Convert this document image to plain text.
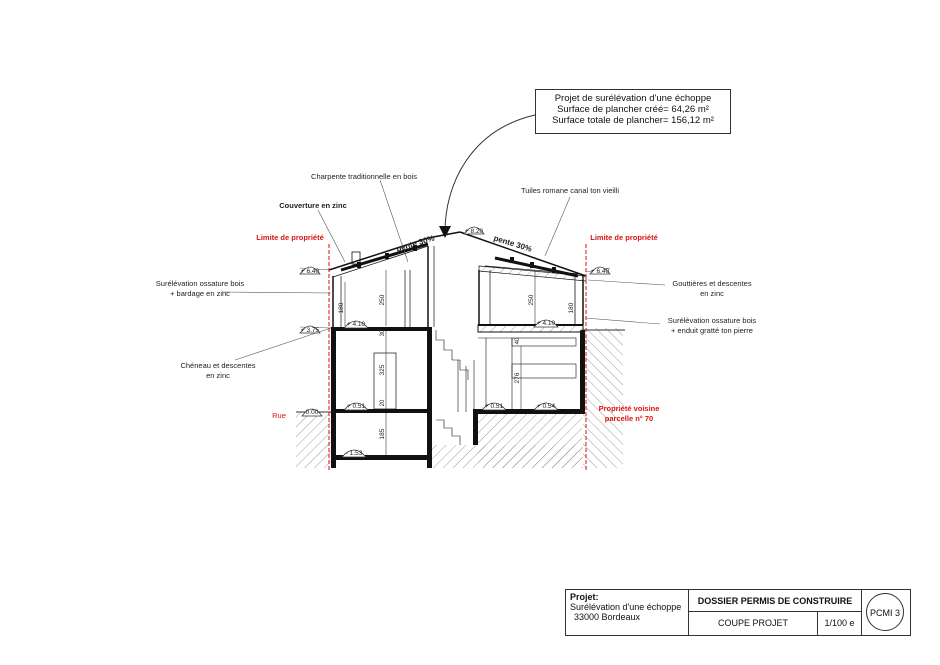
Charpente traditionnelle en bois
Couverture en zinc
Tuiles romane canal ton vieilli
Limite de propriété	Limite de propriété
pente 30%	pente 30%
Surélévation ossature bois
+ bardage en zinc
Gouttières et descentes
en zinc
Surélévation ossature bois
+ enduit gratté ton pierre
Chéneau et descentes
en zinc
Rue
Propriété voisine
parcelle n° 70
+ 8.20
+ 6.40	+ 6.40
+ 3.75
+ 4.10	+ 4.10
+ 0.51	+ 0.51	+ 0.54
0.00
- 1.53
180
250	250
180
30
325
20
185
40
276
Projet de surélévation d'une échoppe
Surface de plancher créé= 64,26 m²
Surface totale de plancher= 156,12 m²
Projet:
Surélévation d'une échoppe
33000 Bordeaux
DOSSIER PERMIS DE CONSTRUIRE
COUPE PROJET	1/100 e
PCMI 3
